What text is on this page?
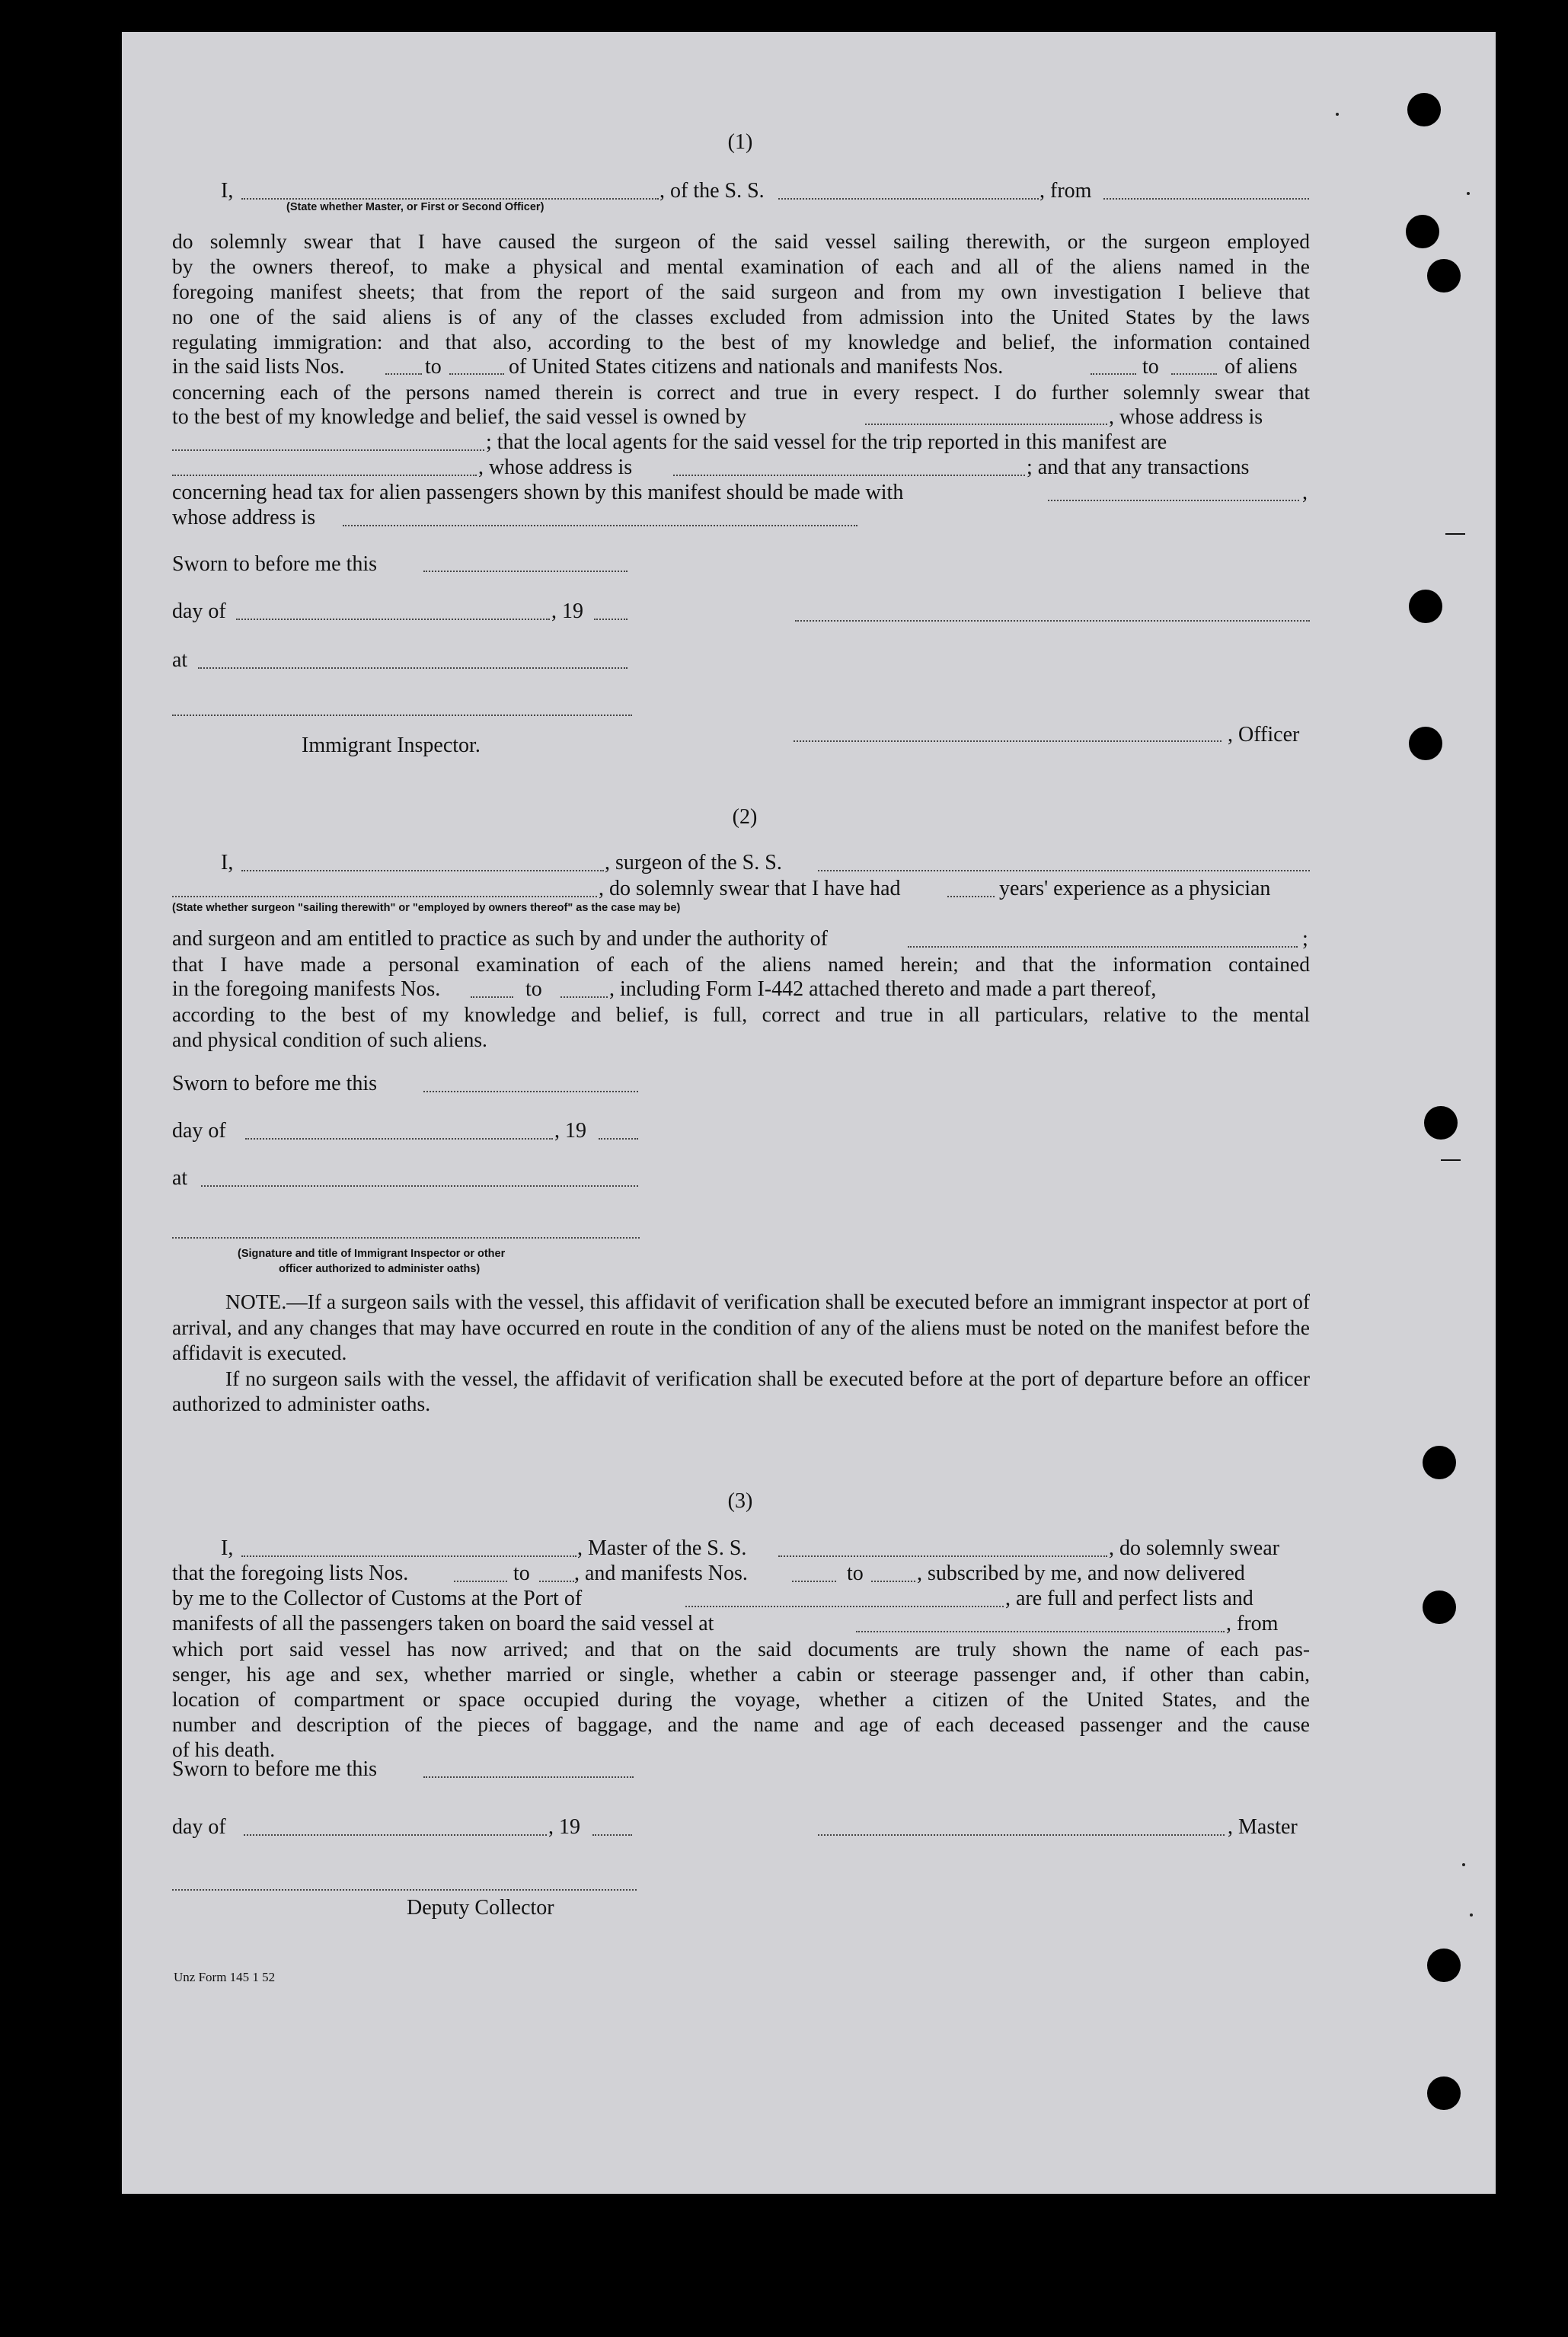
(1)
I,	, of the S. S.	, from
(State whether Master, or First or Second Officer)
do solemnly swear that I have caused the surgeon of the said vessel sailing therewith, or the surgeon employed
by the owners thereof, to make a physical and mental examination of each and all of the aliens named in the
foregoing manifest sheets; that from the report of the said surgeon and from my own investigation I believe that
no one of the said aliens is of any of the classes excluded from admission into the United States by the laws
regulating immigration: and that also, according to the best of my knowledge and belief, the information contained
in the said lists Nos.	to	of United States citizens and nationals and manifests Nos.	to	of aliens
concerning each of the persons named therein is correct and true in every respect. I do further solemnly swear that
to the best of my knowledge and belief, the said vessel is owned by	, whose address is
; that the local agents for the said vessel for the trip reported in this manifest are
, whose address is	; and that any transactions
concerning head tax for alien passengers shown by this manifest should be made with	,
whose address is
Sworn to before me this
day of	, 19
at
Immigrant Inspector.	, Officer
(2)
I,	, surgeon of the S. S.
, do solemnly swear that I have had	years' experience as a physician
(State whether surgeon "sailing therewith" or "employed by owners thereof" as the case may be)
and surgeon and am entitled to practice as such by and under the authority of	;
that I have made a personal examination of each of the aliens named herein; and that the information contained
in the foregoing manifests Nos.	to	, including Form I-442 attached thereto and made a part thereof,
according to the best of my knowledge and belief, is full, correct and true in all particulars, relative to the mental
and physical condition of such aliens.
Sworn to before me this
day of	, 19
at
(Signature and title of Immigrant Inspector or other
officer authorized to administer oaths)

NOTE.—If a surgeon sails with the vessel, this affidavit of verification shall be executed before an immigrant inspector at port of arrival, and any changes that may have occurred en route in the condition of any of the aliens must be noted on the manifest before the affidavit is executed.

If no surgeon sails with the vessel, the affidavit of verification shall be executed before at the port of departure before an officer authorized to administer oaths.

(3)
I,	, Master of the S. S.	, do solemnly swear
that the foregoing lists Nos.	to , and manifests Nos.	to	, subscribed by me, and now delivered
by me to the Collector of Customs at the Port of	, are full and perfect lists and
manifests of all the passengers taken on board the said vessel at	, from
which port said vessel has now arrived; and that on the said documents are truly shown the name of each pas-
senger, his age and sex, whether married or single, whether a cabin or steerage passenger and, if other than cabin,
location of compartment or space occupied during the voyage, whether a citizen of the United States, and the
number and description of the pieces of baggage, and the name and age of each deceased passenger and the cause
of his death.
Sworn to before me this
day of	, 19	, Master
Deputy Collector
Unz Form 145 1 52
